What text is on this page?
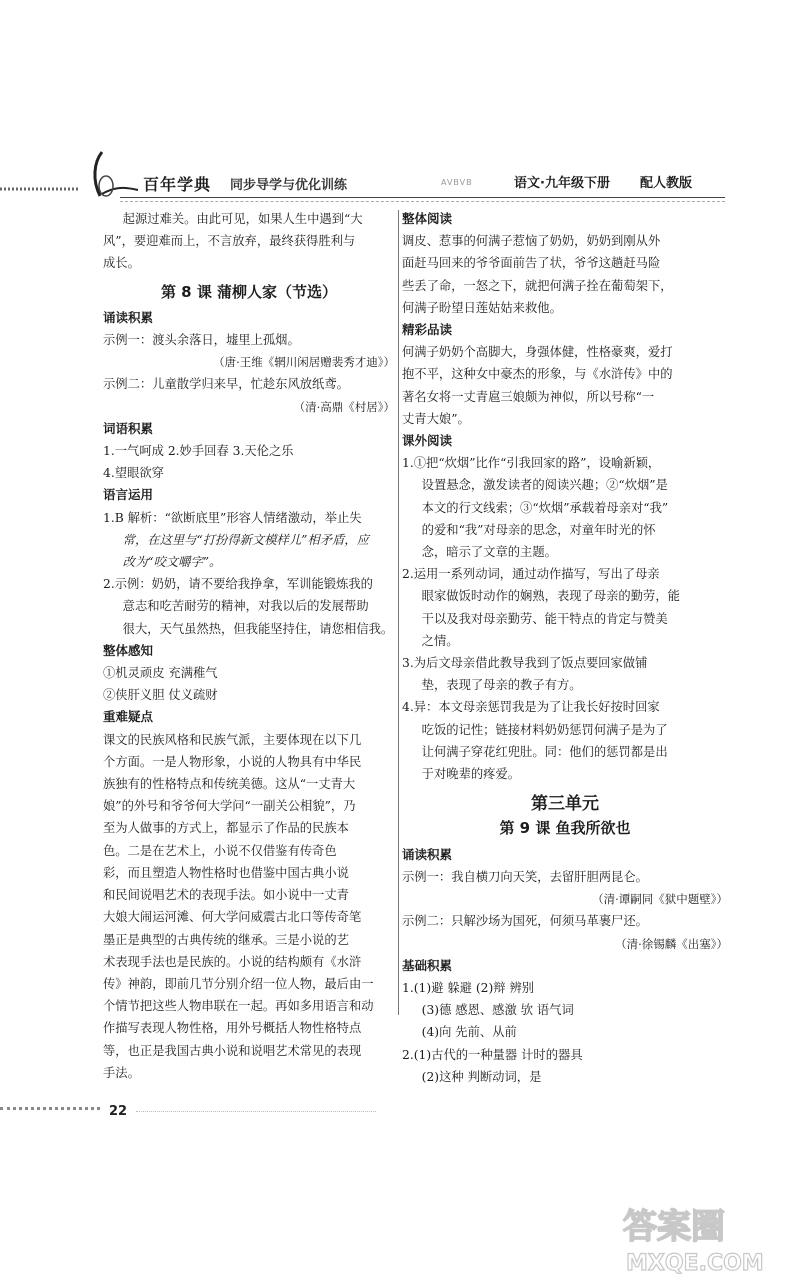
百年学典 同步导学与优化训练	AVBVB	语文·九年级下册 配人教版

起源过难关。由此可见，如果人生中遇到“大

风”，要迎难而上，不言放弃，最终获得胜利与

成长。

第 8 课 蒲柳人家（节选）

诵读积累

示例一：渡头余落日，墟里上孤烟。

（唐·王维《辋川闲居赠裴秀才迪》）

示例二：儿童散学归来早，忙趁东风放纸鸢。

（清·高鼎《村居》）

词语积累

1.一气呵成 2.妙手回春 3.天伦之乐

4.望眼欲穿

语言运用

1.B 解析：“欲断底里”形容人情绪激动，举止失

常，在这里与“打扮得新文模样儿”相矛盾，应

改为“咬文嚼字”。

2.示例：奶奶，请不要给我挣拿，军训能锻炼我的

意志和吃苦耐劳的精神，对我以后的发展帮助

很大，天气虽然热，但我能坚持住，请您相信我。

整体感知

①机灵顽皮 充满稚气

②侠肝义胆 仗义疏财

重难疑点

课文的民族风格和民族气派，主要体现在以下几

个方面。一是人物形象，小说的人物具有中华民

族独有的性格特点和传统美德。这从“一丈青大

娘”的外号和爷爷何大学问“一副关公相貌”，乃

至为人做事的方式上，都显示了作品的民族本

色。二是在艺术上，小说不仅借鉴有传奇色

彩，而且塑造人物性格时也借鉴中国古典小说

和民间说唱艺术的表现手法。如小说中一丈青

大娘大闹运河滩、何大学问威震古北口等传奇笔

墨正是典型的古典传统的继承。三是小说的艺

术表现手法也是民族的。小说的结构颇有《水浒

传》神韵，即前几节分别介绍一位人物，最后由一

个情节把这些人物串联在一起。再如多用语言和动

作描写表现人物性格，用外号概括人物性格特点

等，也正是我国古典小说和说唱艺术常见的表现

手法。

整体阅读

调皮、惹事的何满子惹恼了奶奶，奶奶到刚从外

面赶马回来的爷爷面前告了状，爷爷这趟赶马险

些丢了命，一怒之下，就把何满子拴在葡萄架下，

何满子盼望日莲姑姑来救他。

精彩品读

何满子奶奶个高脚大，身强体健，性格豪爽，爱打

抱不平，这种女中豪杰的形象，与《水浒传》中的

著名女将一丈青扈三娘颇为神似，所以号称“一

丈青大娘”。

课外阅读

1.①把“炊烟”比作“引我回家的路”，设喻新颖，

设置悬念，激发读者的阅读兴趣；②“炊烟”是

本文的行文线索；③“炊烟”承载着母亲对“我”

的爱和“我”对母亲的思念，对童年时光的怀

念，暗示了文章的主题。

2.运用一系列动词，通过动作描写，写出了母亲

眼家做饭时动作的娴熟，表现了母亲的勤劳，能

干以及我对母亲勤劳、能干特点的肯定与赞美

之情。

3.为后文母亲借此教导我到了饭点要回家做铺

垫，表现了母亲的教子有方。

4.异：本文母亲惩罚我是为了让我长好按时回家

吃饭的记性；链接材料奶奶惩罚何满子是为了

让何满子穿花红兜肚。同：他们的惩罚都是出

于对晚辈的疼爱。

第三单元
第 9 课 鱼我所欲也

诵读积累

示例一：我自横刀向天笑，去留肝胆两昆仑。

（清·谭嗣同《狱中题壁》）

示例二：只解沙场为国死，何须马革裹尸还。

（清·徐锡麟《出塞》）

基础积累

1.(1)避 躲避 (2)辩 辨别

(3)德 感恩、感激 欤 语气词

(4)向 先前、从前

2.(1)古代的一种量器 计时的器具

(2)这种 判断动词，是

22
答案圈
MXQE.COM
